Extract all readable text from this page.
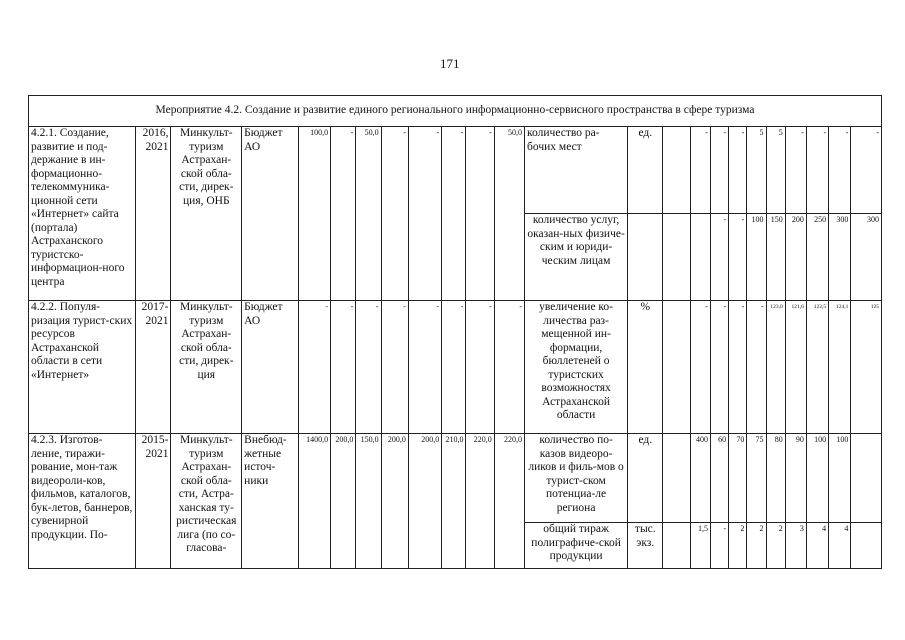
171
Мероприятие 4.2. Создание и развитие единого регионального информационно-сервисного пространства в сфере туризма																							
4.2.1. Создание, развитие и под-держание в ин-формационно-телекоммуника-ционной сети «Интернет» сайта (портала) Астраханского туристско-информацион-ного центра	2016, 2021	Минкульт-туризм Астрахан-ской обла-сти, дирек-ция, ОНБ	Бюджет АО	100,0	-	50,0	-	-	-	-	50,0	количество ра-бочих мест	ед.		-	-	-	5	5	-	-	-	-
												количество услуг, оказан-ных физиче-ским и юриди-ческим лицам				-	-	100	150	200	250	300	300
4.2.2. Популя-ризация турист-ских ресурсов Астраханской области в сети «Интернет»	2017-2021	Минкульт-туризм Астрахан-ской обла-сти, дирек-ция	Бюджет АО	-	-	-	-	-	-	-	-	увеличение ко-личества раз-мещенной ин-формации, бюллетеней о туристских возможностях Астраханской области	%		-	-	-	-	123,0	121,6	122,5	124,1	125
4.2.3. Изготов-ление, тиражи-рование, мон-таж видеороли-ков, фильмов, каталогов, бук-летов, баннеров, сувенирной продукции. По-	2015-2021	Минкульт-туризм Астрахан-ской обла-сти, Астра-ханская ту-ристическая лига (по со-гласова-	Внебюд-жетные источ-ники	1400,0	200,0	150,0	200,0	200,0	210,0	220,0	220,0	количество по-казов видеоро-ликов и филь-мов о турист-ском потенциа-ле региона	ед.		400	60	70	75	80	90	100	100	
												общий тираж полиграфиче-ской продукции	тыс. экз.		1,5	-	2	2	2	3	4	4	
